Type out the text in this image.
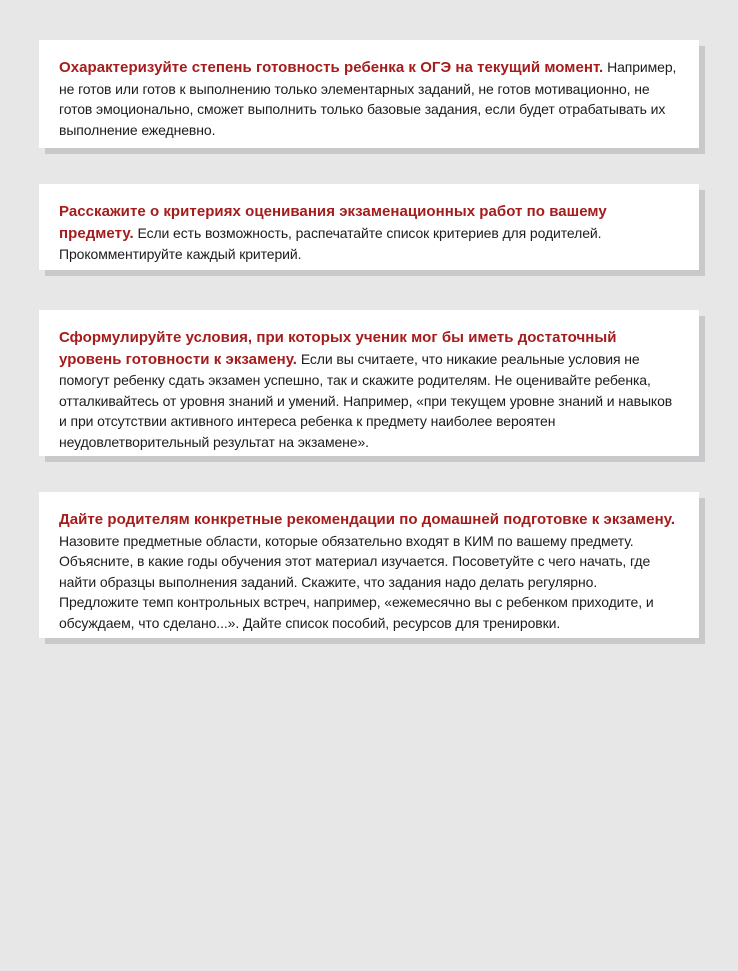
Охарактеризуйте степень готовность ребенка к ОГЭ на текущий момент. Например, не готов или готов к выполнению только элементарных заданий, не готов мотивационно, не готов эмоционально, сможет выполнить только базовые задания, если будет отрабатывать их выполнение ежедневно.

Расскажите о критериях оценивания экзаменационных работ по вашему предмету. Если есть возможность, распечатайте список критериев для родителей. Прокомментируйте каждый критерий.

Сформулируйте условия, при которых ученик мог бы иметь достаточный уровень готовности к экзамену. Если вы считаете, что никакие реальные условия не помогут ребенку сдать экзамен успешно, так и скажите родителям. Не оценивайте ребенка, отталкивайтесь от уровня знаний и умений. Например, «при текущем уровне знаний и навыков и при отсутствии активного интереса ребенка к предмету наиболее вероятен неудовлетворительный результат на экзамене».

Дайте родителям конкретные рекомендации по домашней подготовке к экзамену. Назовите предметные области, которые обязательно входят в КИМ по вашему предмету. Объясните, в какие годы обучения этот материал изучается. Посоветуйте с чего начать, где найти образцы выполнения заданий. Скажите, что задания надо делать регулярно. Предложите темп контрольных встреч, например, «ежемесячно вы с ребенком приходите, и обсуждаем, что сделано...». Дайте список пособий, ресурсов для тренировки.
